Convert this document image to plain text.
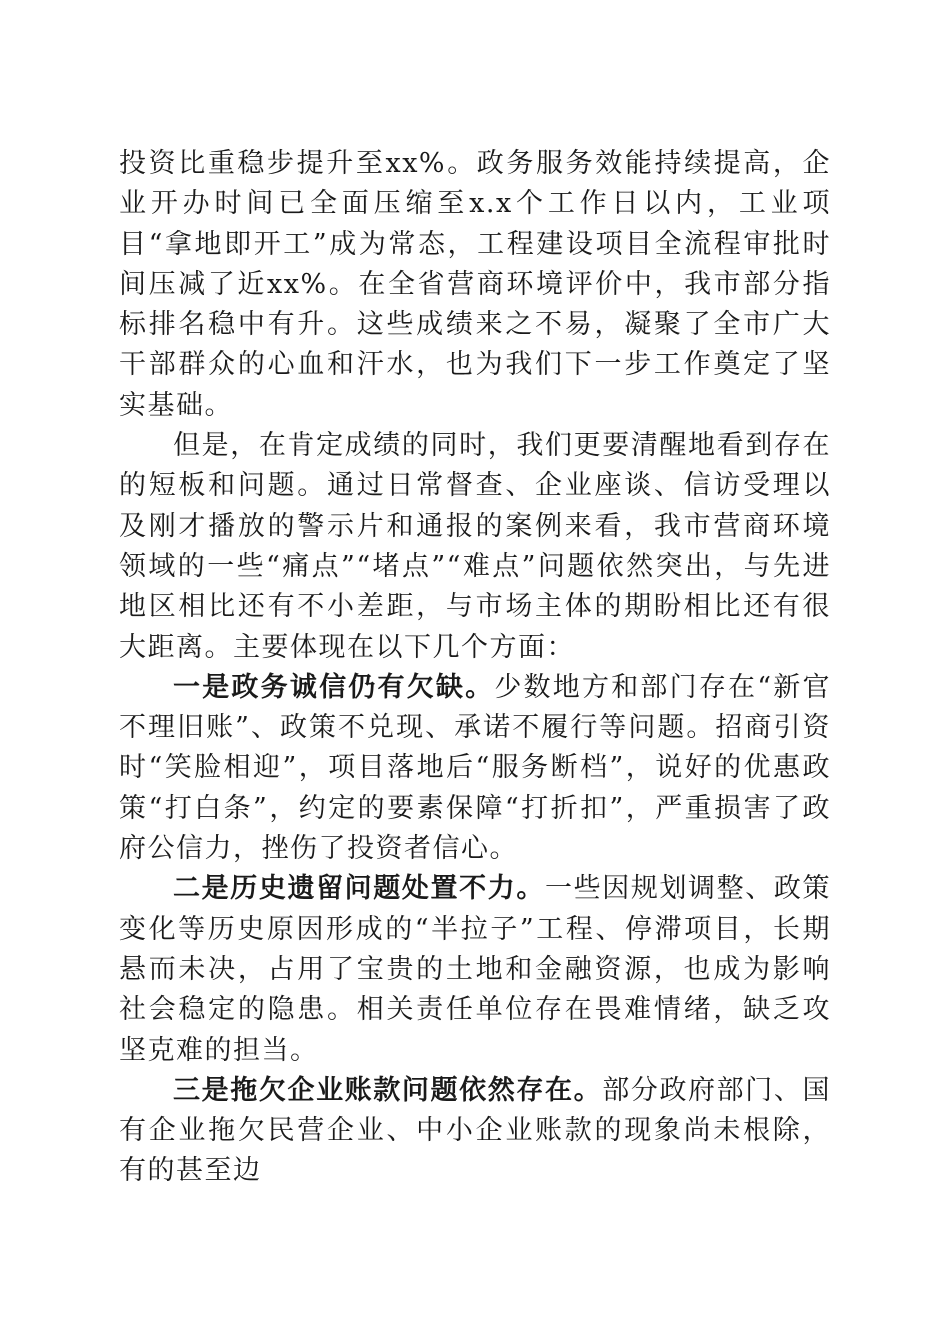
投资比重稳步提升至xx%。政务服务效能持续提高，企业开办时间已全面压缩至x.x个工作日以内，工业项目“拿地即开工”成为常态，工程建设项目全流程审批时间压减了近xx%。在全省营商环境评价中，我市部分指标排名稳中有升。这些成绩来之不易，凝聚了全市广大干部群众的心血和汗水，也为我们下一步工作奠定了坚实基础。

但是，在肯定成绩的同时，我们更要清醒地看到存在的短板和问题。通过日常督查、企业座谈、信访受理以及刚才播放的警示片和通报的案例来看，我市营商环境领域的一些“痛点”“堵点”“难点”问题依然突出，与先进地区相比还有不小差距，与市场主体的期盼相比还有很大距离。主要体现在以下几个方面：

一是政务诚信仍有欠缺。少数地方和部门存在“新官不理旧账”、政策不兑现、承诺不履行等问题。招商引资时“笑脸相迎”，项目落地后“服务断档”，说好的优惠政策“打白条”，约定的要素保障“打折扣”，严重损害了政府公信力，挫伤了投资者信心。

二是历史遗留问题处置不力。一些因规划调整、政策变化等历史原因形成的“半拉子”工程、停滞项目，长期悬而未决，占用了宝贵的土地和金融资源，也成为影响社会稳定的隐患。相关责任单位存在畏难情绪，缺乏攻坚克难的担当。

三是拖欠企业账款问题依然存在。部分政府部门、国有企业拖欠民营企业、中小企业账款的现象尚未根除，有的甚至边
